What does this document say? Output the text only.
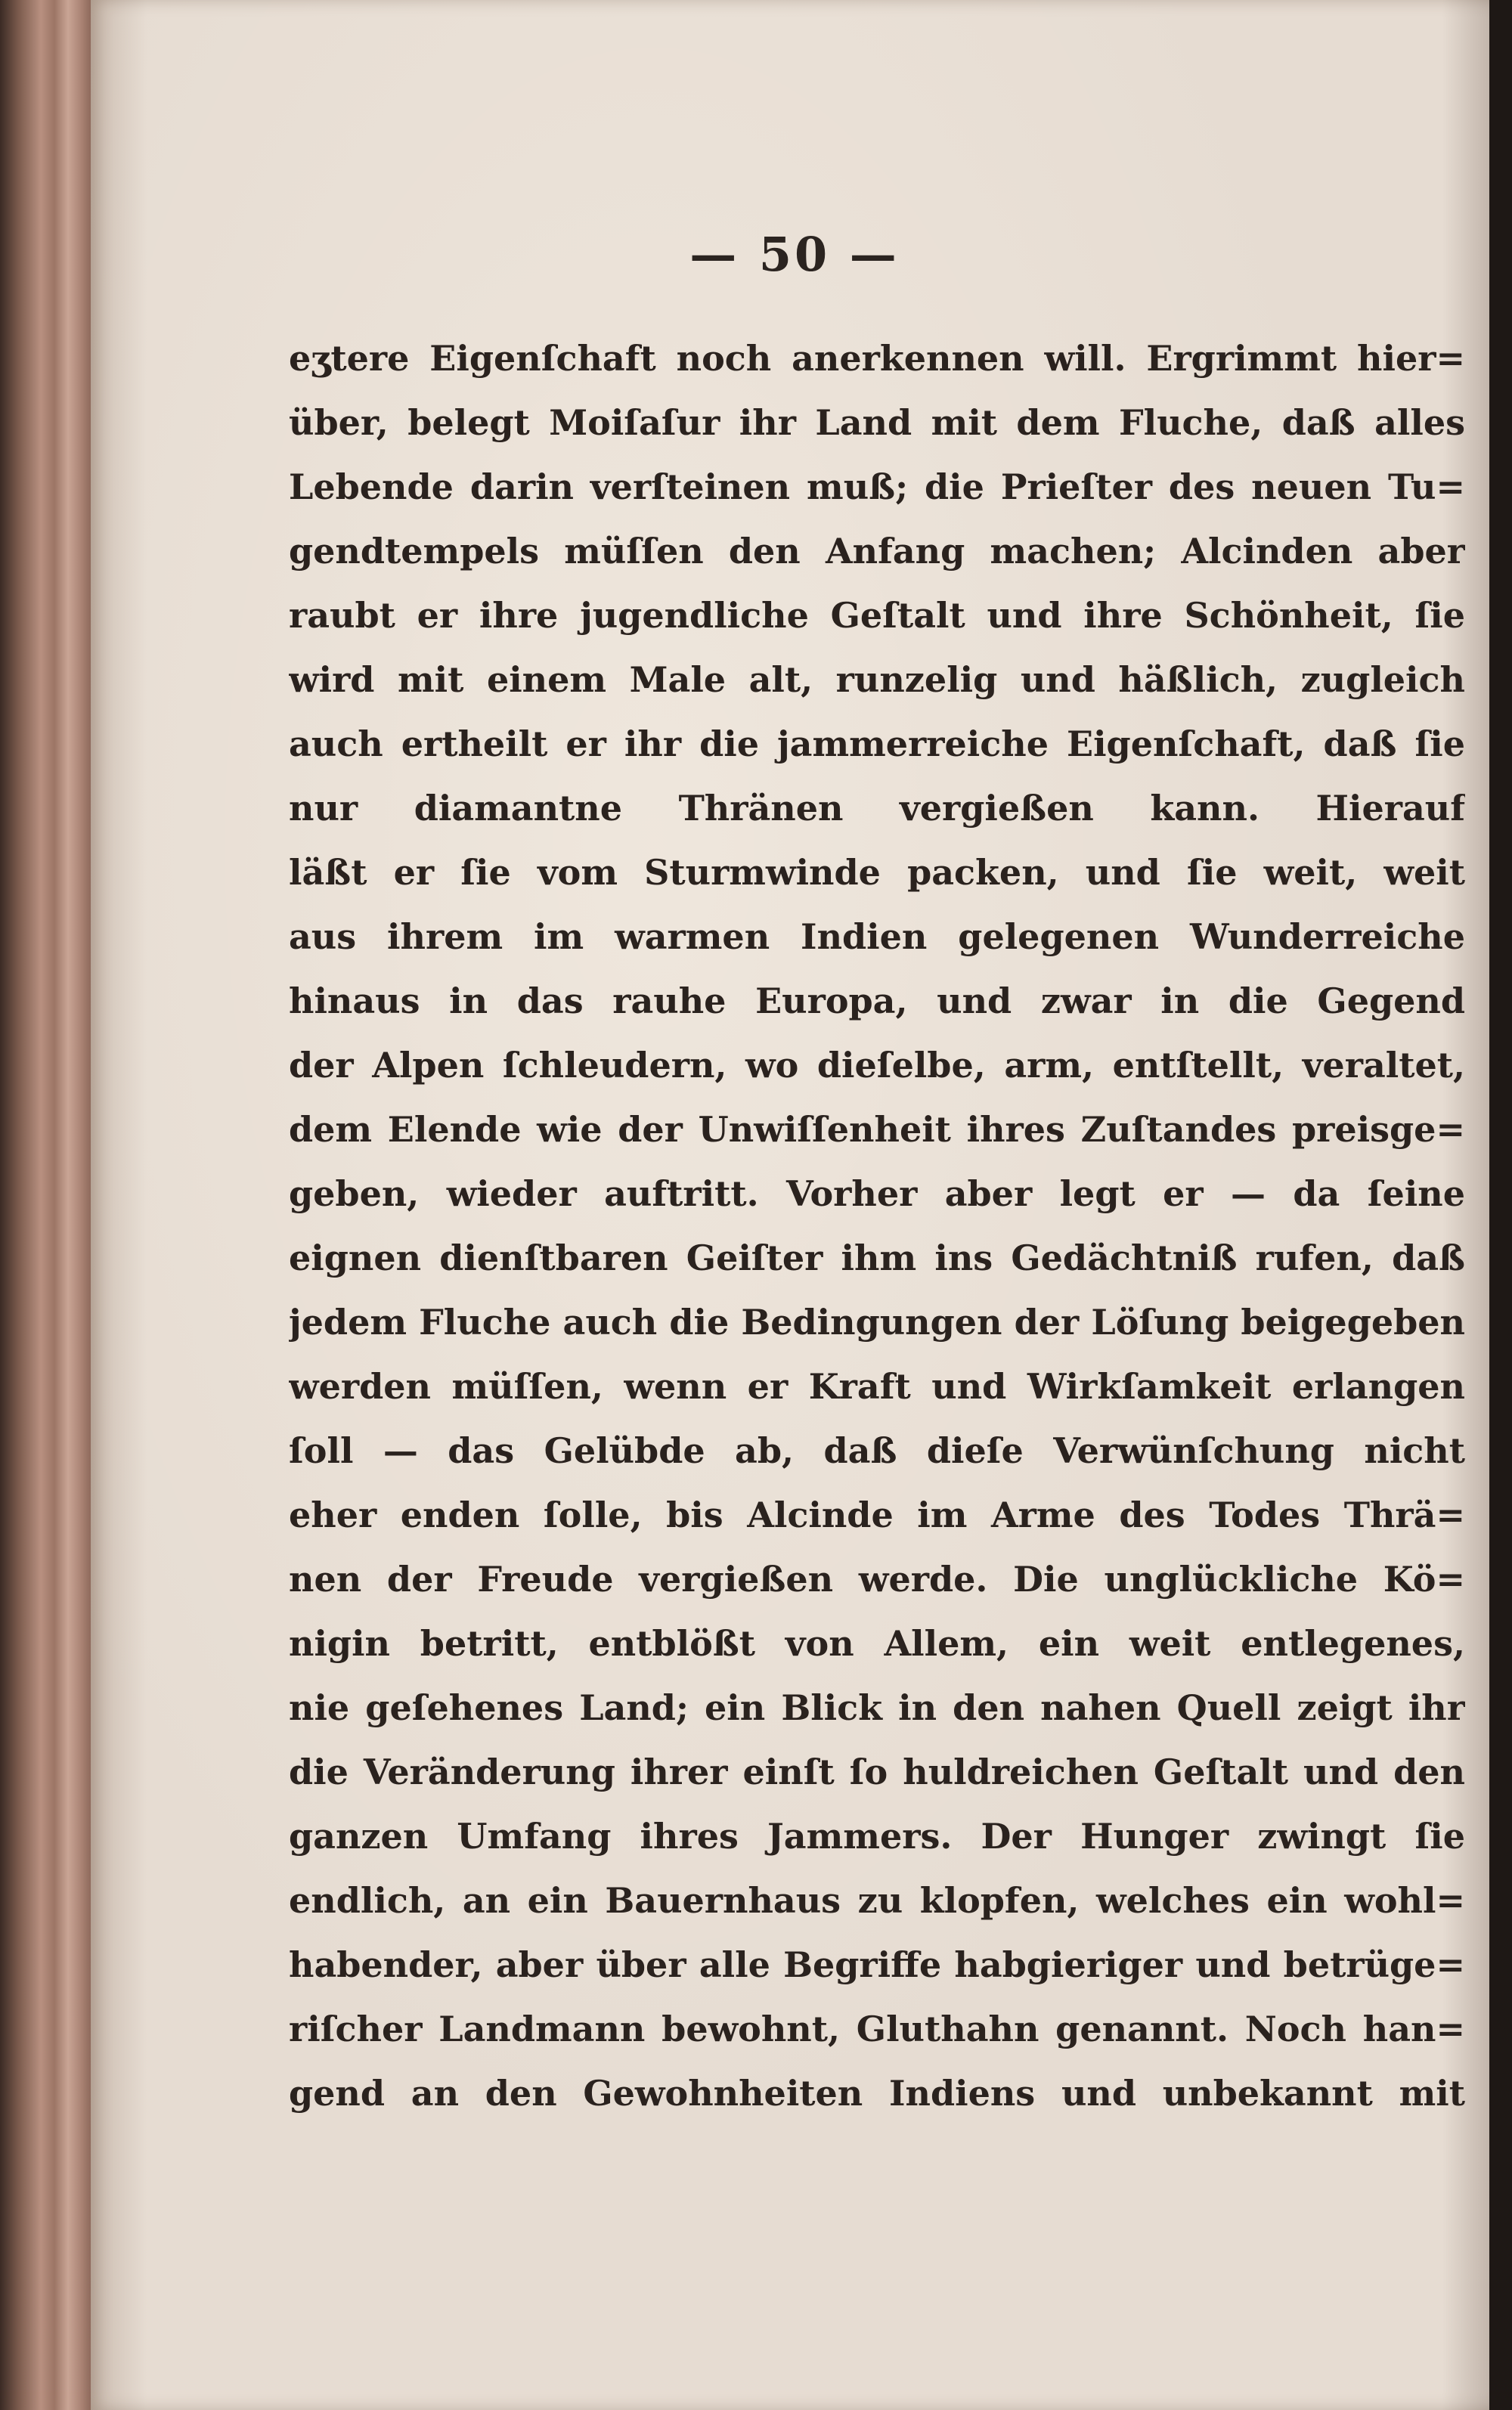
— 50 —
eʒtere Eigenſchaft noch anerkennen will. Ergrimmt hier=
über, belegt Moiſaſur ihr Land mit dem Fluche, daß alles
Lebende darin verſteinen muß; die Prieſter des neuen Tu=
gendtempels müſſen den Anfang machen; Alcinden aber
raubt er ihre jugendliche Geſtalt und ihre Schönheit, ſie
wird mit einem Male alt, runzelig und häßlich, zugleich
auch ertheilt er ihr die jammerreiche Eigenſchaft, daß ſie
nur diamantne Thränen vergießen kann. Hierauf
läßt er ſie vom Sturmwinde packen, und ſie weit, weit
aus ihrem im warmen Indien gelegenen Wunderreiche
hinaus in das rauhe Europa, und zwar in die Gegend
der Alpen ſchleudern, wo dieſelbe, arm, entſtellt, veraltet,
dem Elende wie der Unwiſſenheit ihres Zuſtandes preisge=
geben, wieder auftritt. Vorher aber legt er — da ſeine
eignen dienſtbaren Geiſter ihm ins Gedächtniß rufen, daß
jedem Fluche auch die Bedingungen der Löſung beigegeben
werden müſſen, wenn er Kraft und Wirkſamkeit erlangen
ſoll — das Gelübde ab, daß dieſe Verwünſchung nicht
eher enden ſolle, bis Alcinde im Arme des Todes Thrä=
nen der Freude vergießen werde. Die unglückliche Kö=
nigin betritt, entblößt von Allem, ein weit entlegenes,
nie geſehenes Land; ein Blick in den nahen Quell zeigt ihr
die Veränderung ihrer einſt ſo huldreichen Geſtalt und den
ganzen Umfang ihres Jammers. Der Hunger zwingt ſie
endlich, an ein Bauernhaus zu klopfen, welches ein wohl=
habender, aber über alle Begriffe habgieriger und betrüge=
riſcher Landmann bewohnt, Gluthahn genannt. Noch han=
gend an den Gewohnheiten Indiens und unbekannt mit
